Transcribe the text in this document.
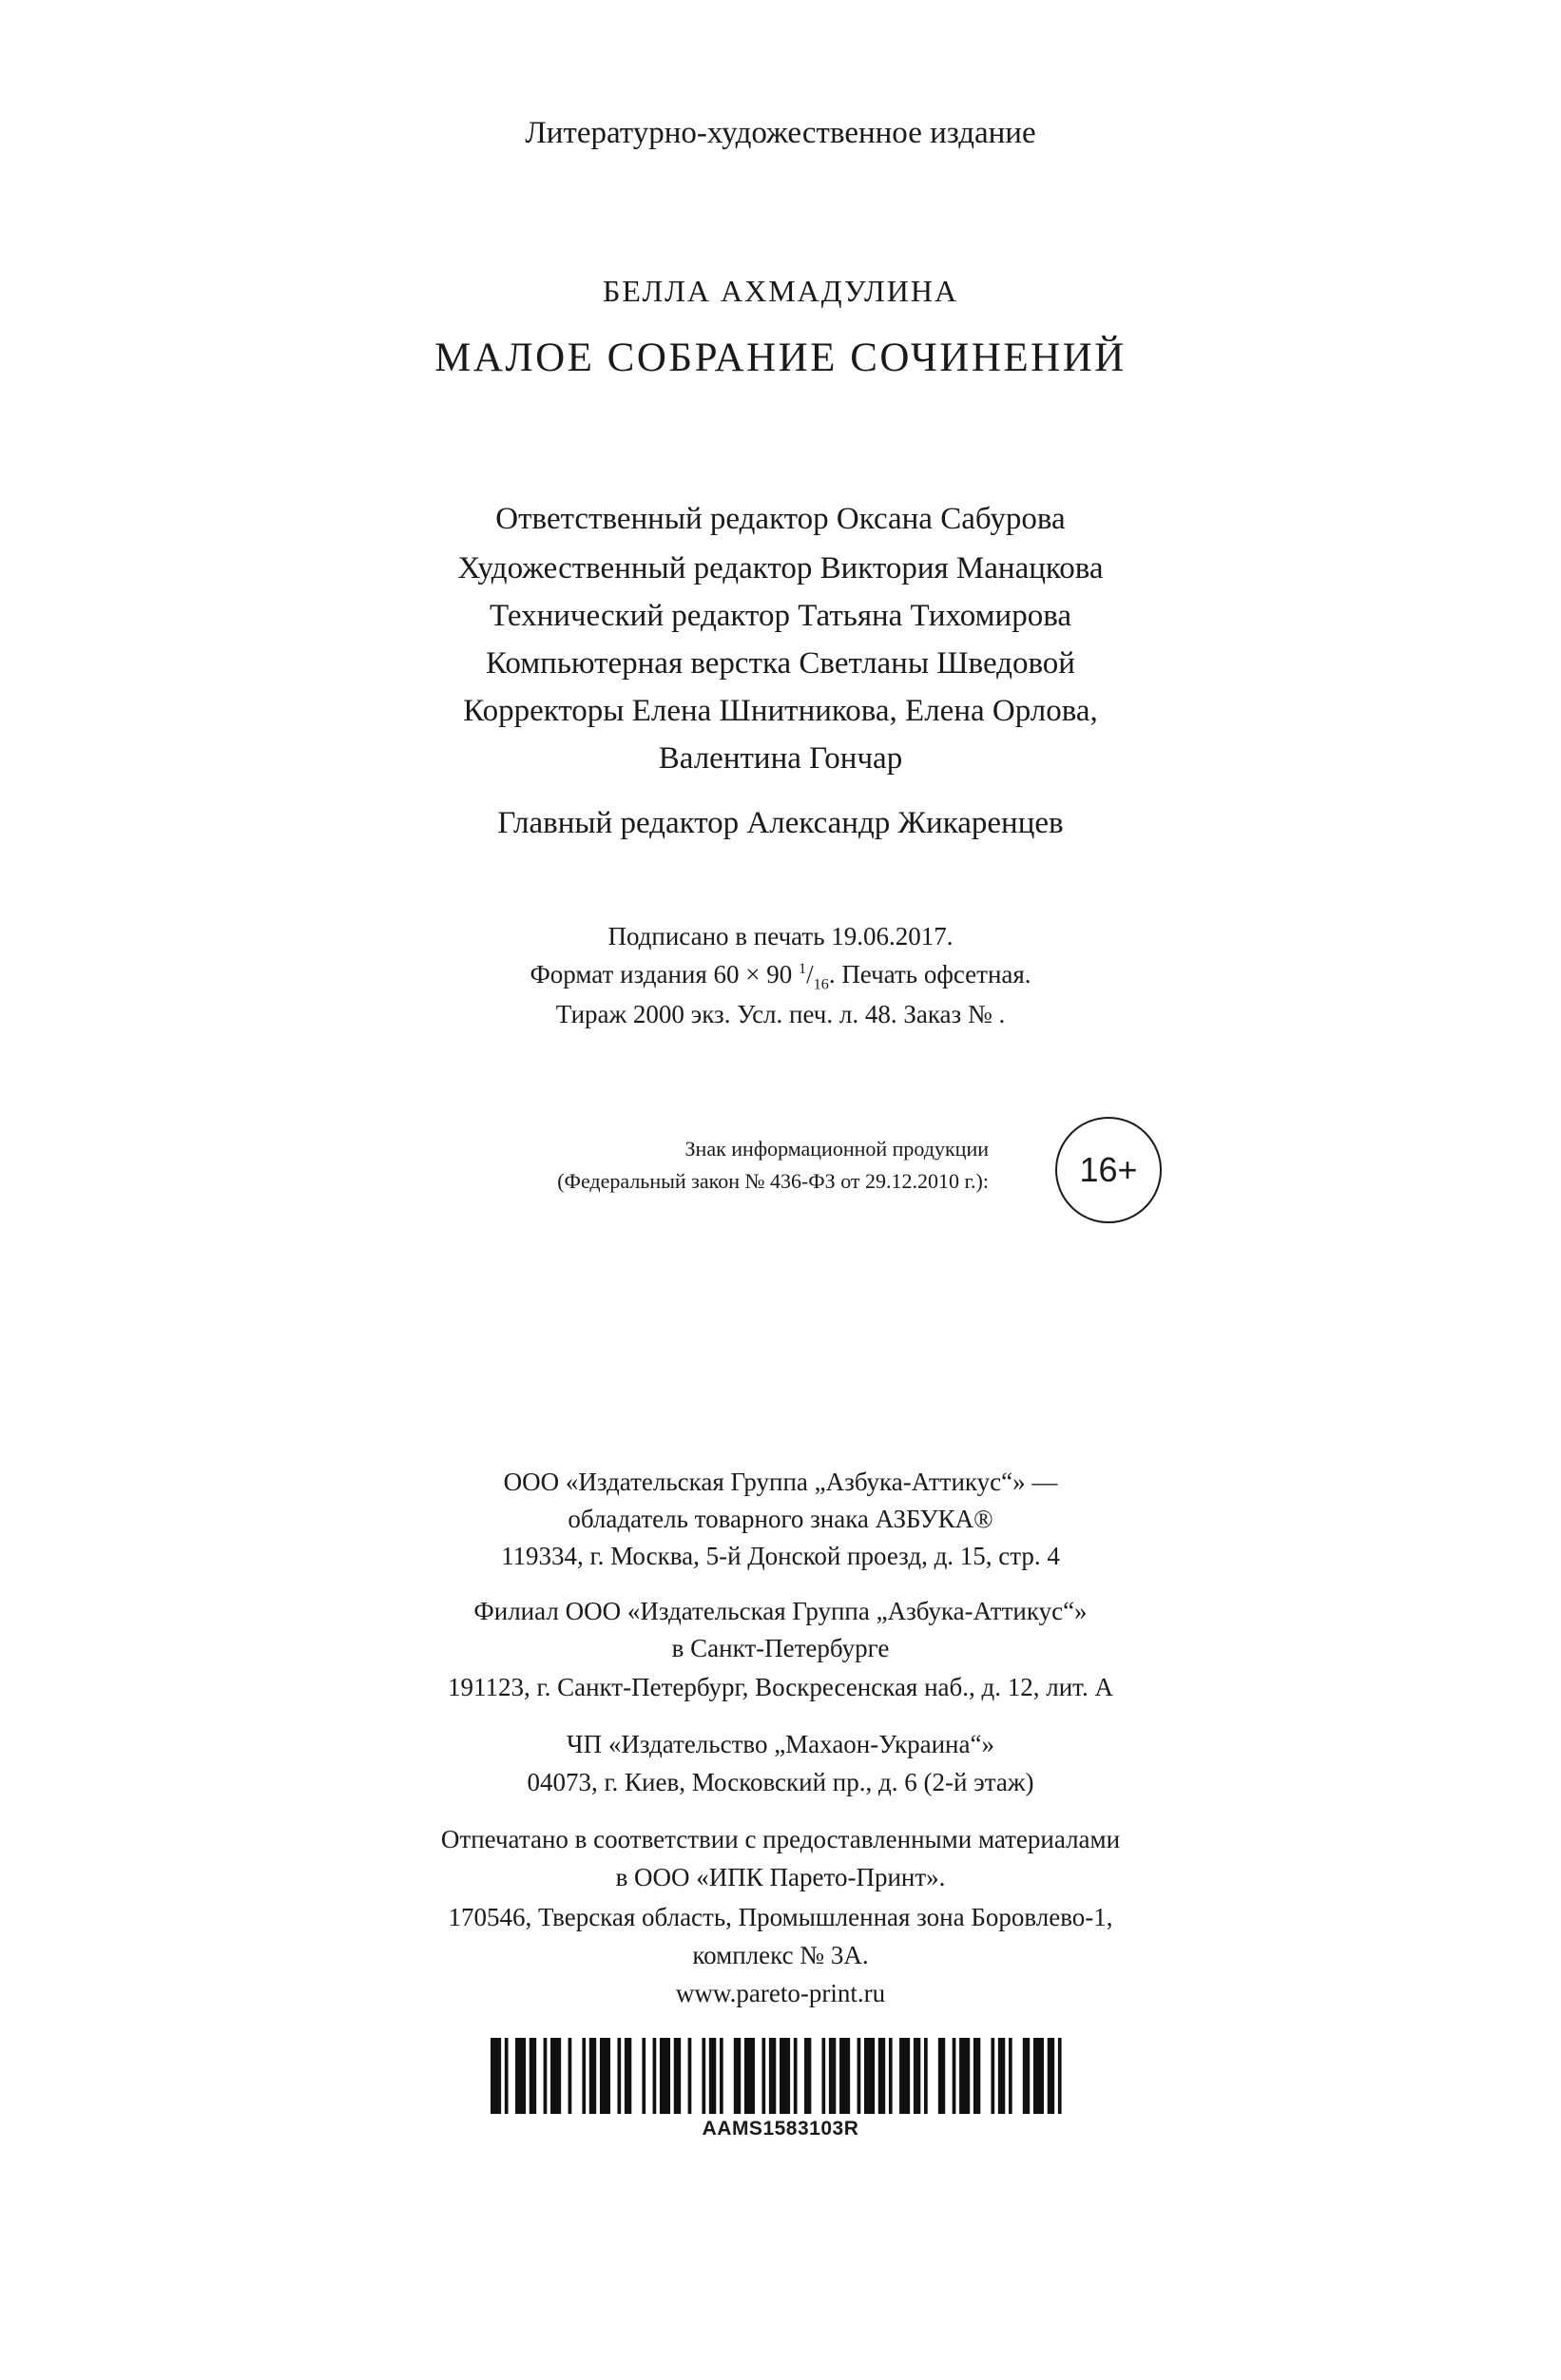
Литературно-художественное издание
БЕЛЛА АХМАДУЛИНА
МАЛОЕ СОБРАНИЕ СОЧИНЕНИЙ
Ответственный редактор Оксана Сабурова
Художественный редактор Виктория Манацкова
Технический редактор Татьяна Тихомирова
Компьютерная верстка Светланы Шведовой
Корректоры Елена Шнитникова, Елена Орлова,
Валентина Гончар
Главный редактор Александр Жикаренцев
Подписано в печать 19.06.2017.
Формат издания 60 × 90 $^1/_{16}$. Печать офсетная.
Тираж 2000 экз. Усл. печ. л. 48. Заказ № .
Знак информационной продукции
(Федеральный закон № 436-ФЗ от 29.12.2010 г.):	16+
ООО «Издательская Группа „Азбука-Аттикус“» —
обладатель товарного знака АЗБУКА®
119334, г. Москва, 5-й Донской проезд, д. 15, стр. 4
Филиал ООО «Издательская Группа „Азбука-Аттикус“»
в Санкт-Петербурге
191123, г. Санкт-Петербург, Воскресенская наб., д. 12, лит. А
ЧП «Издательство „Махаон-Украина“»
04073, г. Киев, Московский пр., д. 6 (2-й этаж)
Отпечатано в соответствии с предоставленными материалами
в ООО «ИПК Парето-Принт».
170546, Тверская область, Промышленная зона Боровлево-1,
комплекс № 3А.
www.pareto-print.ru
AAMS1583103R
